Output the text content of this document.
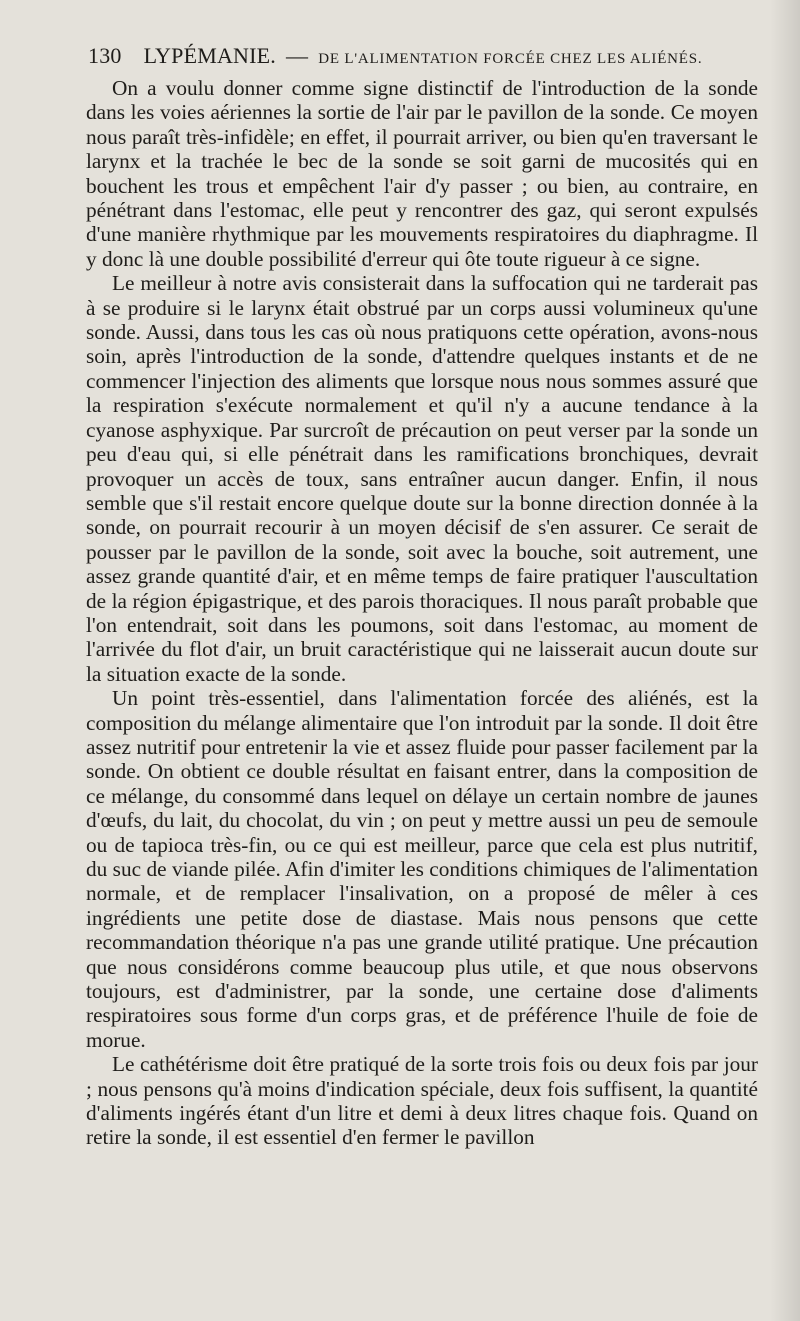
130 LYPÉMANIE. — DE L'ALIMENTATION FORCÉE CHEZ LES ALIÉNÉS.

On a voulu donner comme signe distinctif de l'introduction de la sonde dans les voies aériennes la sortie de l'air par le pavillon de la sonde. Ce moyen nous paraît très-infidèle; en effet, il pourrait arriver, ou bien qu'en traversant le larynx et la trachée le bec de la sonde se soit garni de mucosités qui en bouchent les trous et empêchent l'air d'y passer ; ou bien, au contraire, en pénétrant dans l'estomac, elle peut y rencontrer des gaz, qui seront expulsés d'une manière rhythmique par les mouvements respiratoires du diaphragme. Il y donc là une double possibilité d'erreur qui ôte toute rigueur à ce signe.

Le meilleur à notre avis consisterait dans la suffocation qui ne tarderait pas à se produire si le larynx était obstrué par un corps aussi volumineux qu'une sonde. Aussi, dans tous les cas où nous pratiquons cette opération, avons-nous soin, après l'introduction de la sonde, d'attendre quelques instants et de ne commencer l'injection des aliments que lorsque nous nous sommes assuré que la respiration s'exécute normalement et qu'il n'y a aucune tendance à la cyanose asphyxique. Par surcroît de précaution on peut verser par la sonde un peu d'eau qui, si elle pénétrait dans les ramifications bronchiques, devrait provoquer un accès de toux, sans entraîner aucun danger. Enfin, il nous semble que s'il restait encore quelque doute sur la bonne direction donnée à la sonde, on pourrait recourir à un moyen décisif de s'en assurer. Ce serait de pousser par le pavillon de la sonde, soit avec la bouche, soit autrement, une assez grande quantité d'air, et en même temps de faire pratiquer l'auscultation de la région épigastrique, et des parois thoraciques. Il nous paraît probable que l'on entendrait, soit dans les poumons, soit dans l'estomac, au moment de l'arrivée du flot d'air, un bruit caractéristique qui ne laisserait aucun doute sur la situation exacte de la sonde.

Un point très-essentiel, dans l'alimentation forcée des aliénés, est la composition du mélange alimentaire que l'on introduit par la sonde. Il doit être assez nutritif pour entretenir la vie et assez fluide pour passer facilement par la sonde. On obtient ce double résultat en faisant entrer, dans la composition de ce mélange, du consommé dans lequel on délaye un certain nombre de jaunes d'œufs, du lait, du chocolat, du vin ; on peut y mettre aussi un peu de semoule ou de tapioca très-fin, ou ce qui est meilleur, parce que cela est plus nutritif, du suc de viande pilée. Afin d'imiter les conditions chimiques de l'alimentation normale, et de remplacer l'insalivation, on a proposé de mêler à ces ingrédients une petite dose de diastase. Mais nous pensons que cette recommandation théorique n'a pas une grande utilité pratique. Une précaution que nous considérons comme beaucoup plus utile, et que nous observons toujours, est d'administrer, par la sonde, une certaine dose d'aliments respiratoires sous forme d'un corps gras, et de préférence l'huile de foie de morue.

Le cathétérisme doit être pratiqué de la sorte trois fois ou deux fois par jour ; nous pensons qu'à moins d'indication spéciale, deux fois suffisent, la quantité d'aliments ingérés étant d'un litre et demi à deux litres chaque fois. Quand on retire la sonde, il est essentiel d'en fermer le pavillon
